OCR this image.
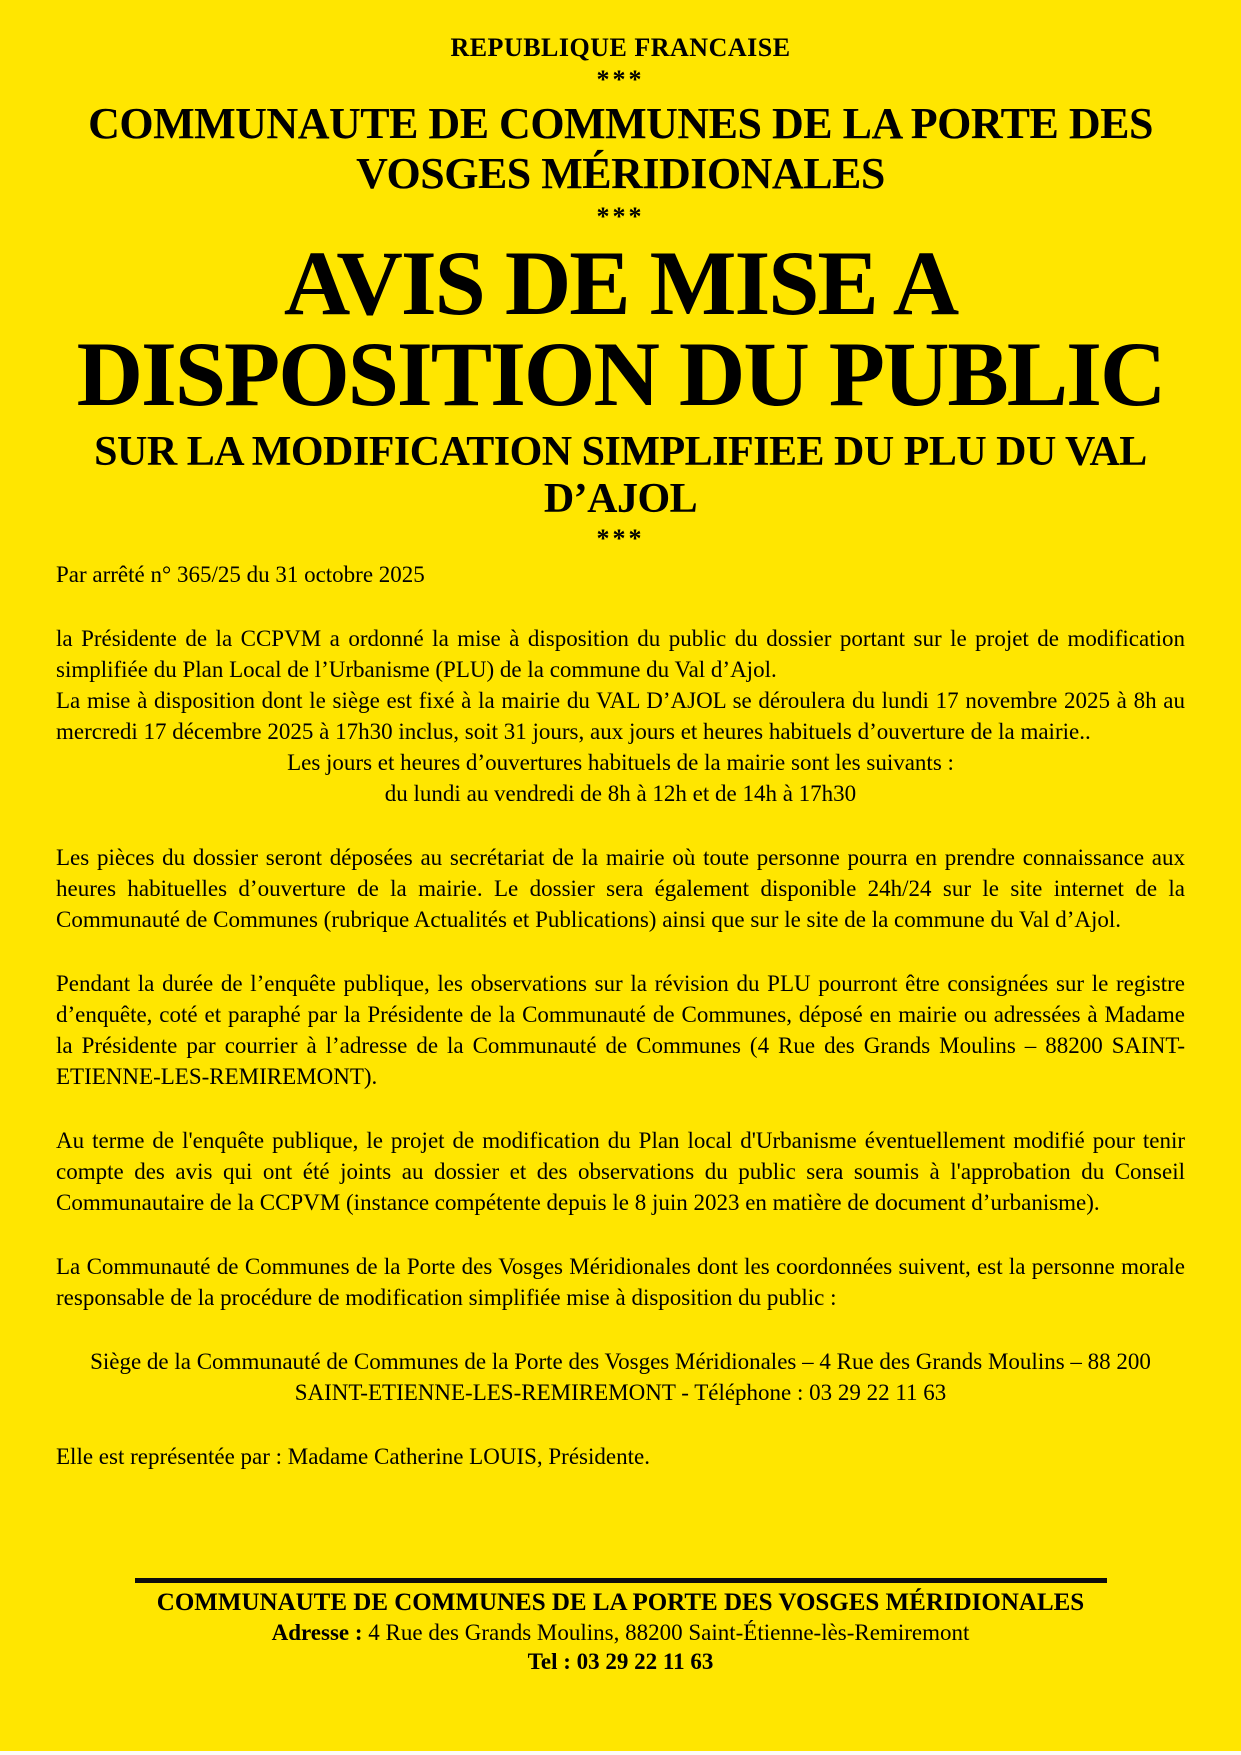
REPUBLIQUE FRANCAISE
***
COMMUNAUTE DE COMMUNES DE LA PORTE DES
VOSGES MÉRIDIONALES
***
AVIS DE MISE A
DISPOSITION DU PUBLIC
SUR LA MODIFICATION SIMPLIFIEE DU PLU DU VAL
D’AJOL
***

Par arrêté n° 365/25 du 31 octobre 2025

la Présidente de la CCPVM a ordonné la mise à disposition du public du dossier portant sur le projet de modification simplifiée du Plan Local de l’Urbanisme (PLU) de la commune du Val d’Ajol.

La mise à disposition dont le siège est fixé à la mairie du VAL D’AJOL se déroulera du lundi 17 novembre 2025 à 8h au mercredi 17 décembre 2025 à 17h30 inclus, soit 31 jours, aux jours et heures habituels d’ouverture de la mairie..

Les jours et heures d’ouvertures habituels de la mairie sont les suivants :

du lundi au vendredi de 8h à 12h et de 14h à 17h30

Les pièces du dossier seront déposées au secrétariat de la mairie où toute personne pourra en prendre connaissance aux heures habituelles d’ouverture de la mairie. Le dossier sera également disponible 24h/24 sur le site internet de la Communauté de Communes (rubrique Actualités et Publications) ainsi que sur le site de la commune du Val d’Ajol.

Pendant la durée de l’enquête publique, les observations sur la révision du PLU pourront être consignées sur le registre d’enquête, coté et paraphé par la Présidente de la Communauté de Communes, déposé en mairie ou adressées à Madame la Présidente par courrier à l’adresse de la Communauté de Communes (4 Rue des Grands Moulins – 88200 SAINT-ETIENNE-LES-REMIREMONT).

Au terme de l'enquête publique, le projet de modification du Plan local d'Urbanisme éventuellement modifié pour tenir compte des avis qui ont été joints au dossier et des observations du public sera soumis à l'approbation du Conseil Communautaire de la CCPVM (instance compétente depuis le 8 juin 2023 en matière de document d’urbanisme).

La Communauté de Communes de la Porte des Vosges Méridionales dont les coordonnées suivent, est la personne morale responsable de la procédure de modification simplifiée mise à disposition du public :

Siège de la Communauté de Communes de la Porte des Vosges Méridionales – 4 Rue des Grands Moulins – 88 200 SAINT-ETIENNE-LES-REMIREMONT - Téléphone : 03 29 22 11 63

Elle est représentée par : Madame Catherine LOUIS, Présidente.

COMMUNAUTE DE COMMUNES DE LA PORTE DES VOSGES MÉRIDIONALES
Adresse : 4 Rue des Grands Moulins, 88200 Saint-Étienne-lès-Remiremont
Tel : 03 29 22 11 63
